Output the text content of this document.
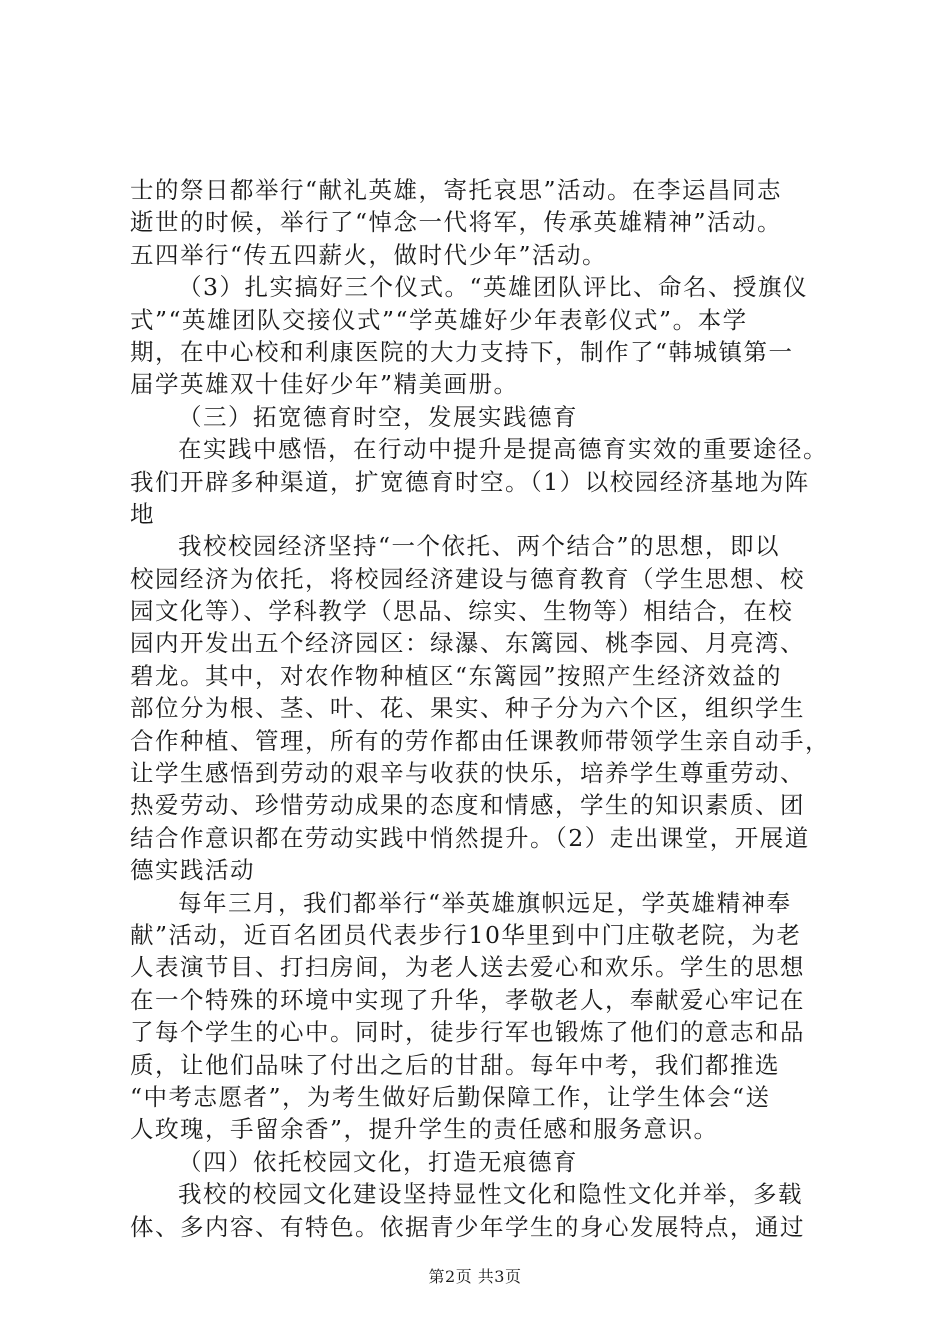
士的祭日都举行“献礼英雄，寄托哀思”活动。在李运昌同志
逝世的时候，举行了“悼念一代将军，传承英雄精神”活动。
五四举行“传五四薪火，做时代少年”活动。
（3）扎实搞好三个仪式。“英雄团队评比、命名、授旗仪
式”“英雄团队交接仪式”“学英雄好少年表彰仪式”。本学
期，在中心校和利康医院的大力支持下，制作了“韩城镇第一
届学英雄双十佳好少年”精美画册。
（三）拓宽德育时空，发展实践德育
在实践中感悟，在行动中提升是提高德育实效的重要途径。
我们开辟多种渠道，扩宽德育时空。（1）以校园经济基地为阵
地
我校校园经济坚持“一个依托、两个结合”的思想，即以
校园经济为依托，将校园经济建设与德育教育（学生思想、校
园文化等）、学科教学（思品、综实、生物等）相结合，在校
园内开发出五个经济园区：绿瀑、东篱园、桃李园、月亮湾、
碧龙。其中，对农作物种植区“东篱园”按照产生经济效益的
部位分为根、茎、叶、花、果实、种子分为六个区，组织学生
合作种植、管理，所有的劳作都由任课教师带领学生亲自动手，
让学生感悟到劳动的艰辛与收获的快乐，培养学生尊重劳动、
热爱劳动、珍惜劳动成果的态度和情感，学生的知识素质、团
结合作意识都在劳动实践中悄然提升。（2）走出课堂，开展道
德实践活动
每年三月，我们都举行“举英雄旗帜远足，学英雄精神奉
献”活动，近百名团员代表步行10华里到中门庄敬老院，为老
人表演节目、打扫房间，为老人送去爱心和欢乐。学生的思想
在一个特殊的环境中实现了升华，孝敬老人，奉献爱心牢记在
了每个学生的心中。同时，徒步行军也锻炼了他们的意志和品
质，让他们品味了付出之后的甘甜。每年中考，我们都推选
“中考志愿者”，为考生做好后勤保障工作，让学生体会“送
人玫瑰，手留余香”，提升学生的责任感和服务意识。
（四）依托校园文化，打造无痕德育
我校的校园文化建设坚持显性文化和隐性文化并举，多载
体、多内容、有特色。依据青少年学生的身心发展特点，通过
第2页 共3页
